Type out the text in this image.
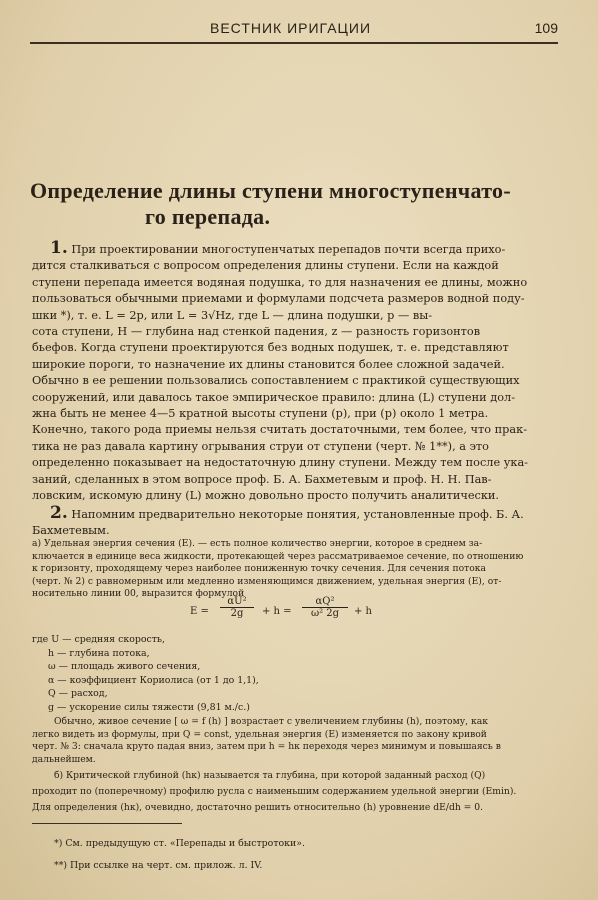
ВЕСТНИК ИРИГАЦИИ	109
Определение длины ступени многоступенчато-
го перепада.

1. При проектировании многоступенчатых перепадов почти всегда прихо-
дится сталкиваться с вопросом определения длины ступени. Если на каждой
ступени перепада имеется водяная подушка, то для назначения ее длины, можно
пользоваться обычными приемами и формулами подсчета размеров водной поду-
шки *), т. е. L = 2p, или L = 3√Hz, где L — длина подушки, p — вы-
сота ступени, H — глубина над стенкой падения, z — разность горизонтов
бьефов. Когда ступени проектируются без водных подушек, т. е. представляют
широкие пороги, то назначение их длины становится более сложной задачей.
Обычно в ее решении пользовались сопоставлением с практикой существующих
сооружений, или давалось такое эмпирическое правило: длина (L) ступени дол-
жна быть не менее 4—5 кратной высоты ступени (p), при (p) около 1 метра.
Конечно, такого рода приемы нельзя считать достаточными, тем более, что прак-
тика не раз давала картину огрывания струи от ступени (черт. № 1**), а это
определенно показывает на недостаточную длину ступени. Между тем после ука-
заний, сделанных в этом вопросе проф. Б. А. Бахметевым и проф. Н. Н. Пав-
ловским, искомую длину (L) можно довольно просто получить аналитически.

2. Напомним предварительно некоторые понятия, установленные проф. Б. А.
Бахметевым.

а) Удельная энергия сечения (E). — есть полное количество энергии, которое в среднем за-
ключается в единице веса жидкости, протекающей через рассматриваемое сечение, по отношению
к горизонту, проходящему через наиболее пониженную точку сечения. Для сечения потока
(черт. № 2) с равномерным или медленно изменяющимся движением, удельная энергия (E), от-
носительно линии 00, выразится формулой
$E = \frac{\text{αU²}}{2g} + h = \frac{\text{αQ²}}{\text{ω² 2g}} + h$
где U — средняя скорость,
h — глубина потока,
ω — площадь живого сечения,
α — коэффициент Кориолиса (от 1 до 1,1),
Q — расход,
g — ускорение силы тяжести (9,81 м./с.)
Обычно, живое сечение [ ω = f (h) ] возрастает с увеличением глубины (h), поэтому, как
легко видеть из формулы, при Q = const, удельная энергия (E) изменяется по закону кривой
черт. № 3: сначала круто падая вниз, затем при h = hк переходя через минимум и повышаясь в
дальнейшем.
б) Критической глубиной (hк) называется та глубина, при которой заданный расход (Q)
проходит по (поперечному) профилю русла с наименьшим содержанием удельной энергии (Emin).
Для определения (hк), очевидно, достаточно решить относительно (h) уровнение dE/dh = 0.
*) См. предыдущую ст. «Перепады и быстротоки».
**) При ссылке на черт. см. прилож. л. IV.
